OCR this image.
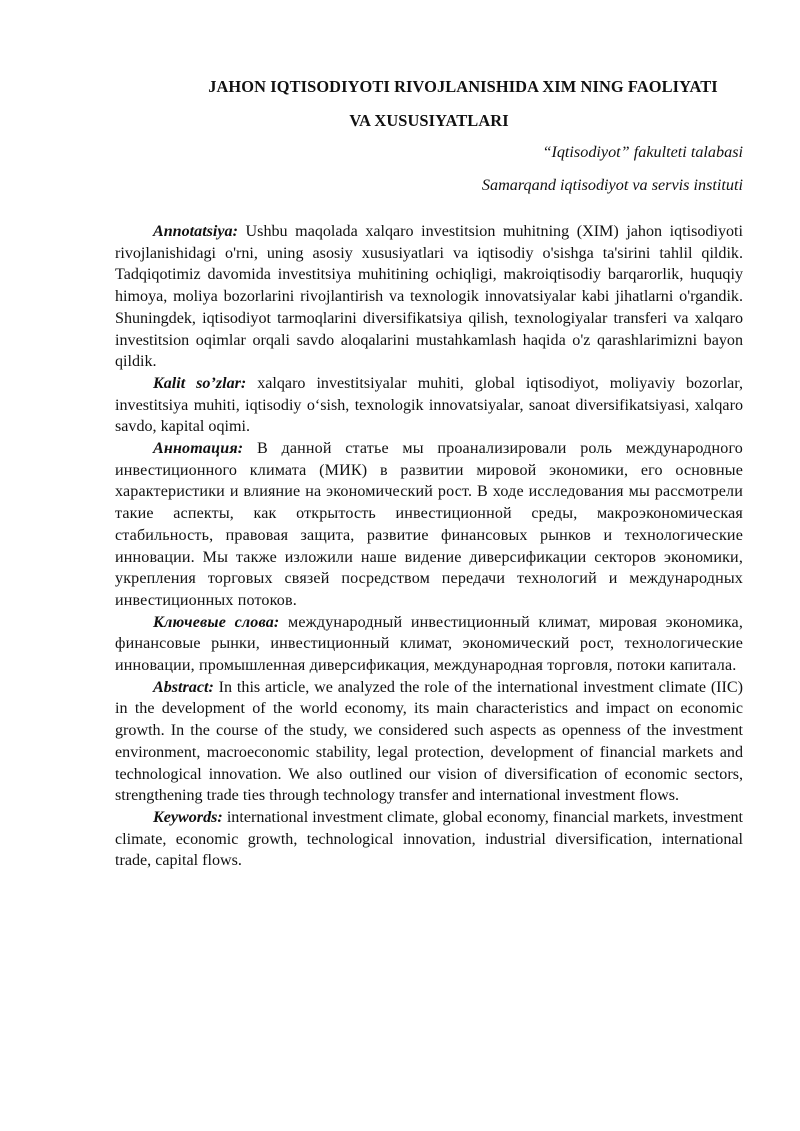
JAHON IQTISODIYOTI RIVOJLANISHIDA XIM NING FAOLIYATI
VA XUSUSIYATLARI
“Iqtisodiyot” fakulteti talabasi
Samarqand iqtisodiyot va servis instituti

Annotatsiya: Ushbu maqolada xalqaro investitsion muhitning (XIM) jahon iqtisodiyoti rivojlanishidagi o'rni, uning asosiy xususiyatlari va iqtisodiy o'sishga ta'sirini tahlil qildik. Tadqiqotimiz davomida investitsiya muhitining ochiqligi, makroiqtisodiy barqarorlik, huquqiy himoya, moliya bozorlarini rivojlantirish va texnologik innovatsiyalar kabi jihatlarni o'rgandik. Shuningdek, iqtisodiyot tarmoqlarini diversifikatsiya qilish, texnologiyalar transferi va xalqaro investitsion oqimlar orqali savdo aloqalarini mustahkamlash haqida o'z qarashlarimizni bayon qildik.

Kalit so’zlar: xalqaro investitsiyalar muhiti, global iqtisodiyot, moliyaviy bozorlar, investitsiya muhiti, iqtisodiy o‘sish, texnologik innovatsiyalar, sanoat diversifikatsiyasi, xalqaro savdo, kapital oqimi.

Аннотация: В данной статье мы проанализировали роль международного инвестиционного климата (МИК) в развитии мировой экономики, его основные характеристики и влияние на экономический рост. В ходе исследования мы рассмотрели такие аспекты, как открытость инвестиционной среды, макроэкономическая стабильность, правовая защита, развитие финансовых рынков и технологические инновации. Мы также изложили наше видение диверсификации секторов экономики, укрепления торговых связей посредством передачи технологий и международных инвестиционных потоков.

Ключевые слова: международный инвестиционный климат, мировая экономика, финансовые рынки, инвестиционный климат, экономический рост, технологические инновации, промышленная диверсификация, международная торговля, потоки капитала.

Abstract: In this article, we analyzed the role of the international investment climate (IIC) in the development of the world economy, its main characteristics and impact on economic growth. In the course of the study, we considered such aspects as openness of the investment environment, macroeconomic stability, legal protection, development of financial markets and technological innovation. We also outlined our vision of diversification of economic sectors, strengthening trade ties through technology transfer and international investment flows.

Keywords: international investment climate, global economy, financial markets, investment climate, economic growth, technological innovation, industrial diversification, international trade, capital flows.
